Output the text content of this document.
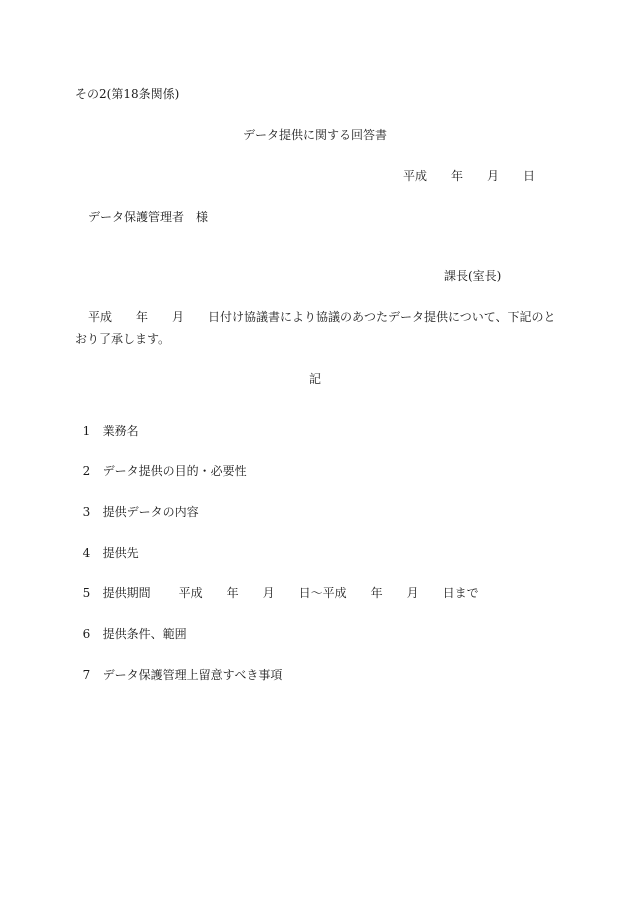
その2(第18条関係)
データ提供に関する回答書
平成　　年　　月　　日
データ保護管理者　様
課長(室長)
平成　　年　　月　　日付け協議書により協議のあつたデータ提供について、下記のと
おり了承します。
記

1 業務名

2 データ提供の目的・必要性

3 提供データの内容

4 提供先

5 提供期間 平成　　年　　月　　日～平成　　年　　月　　日まで

6 提供条件、範囲

7 データ保護管理上留意すべき事項
